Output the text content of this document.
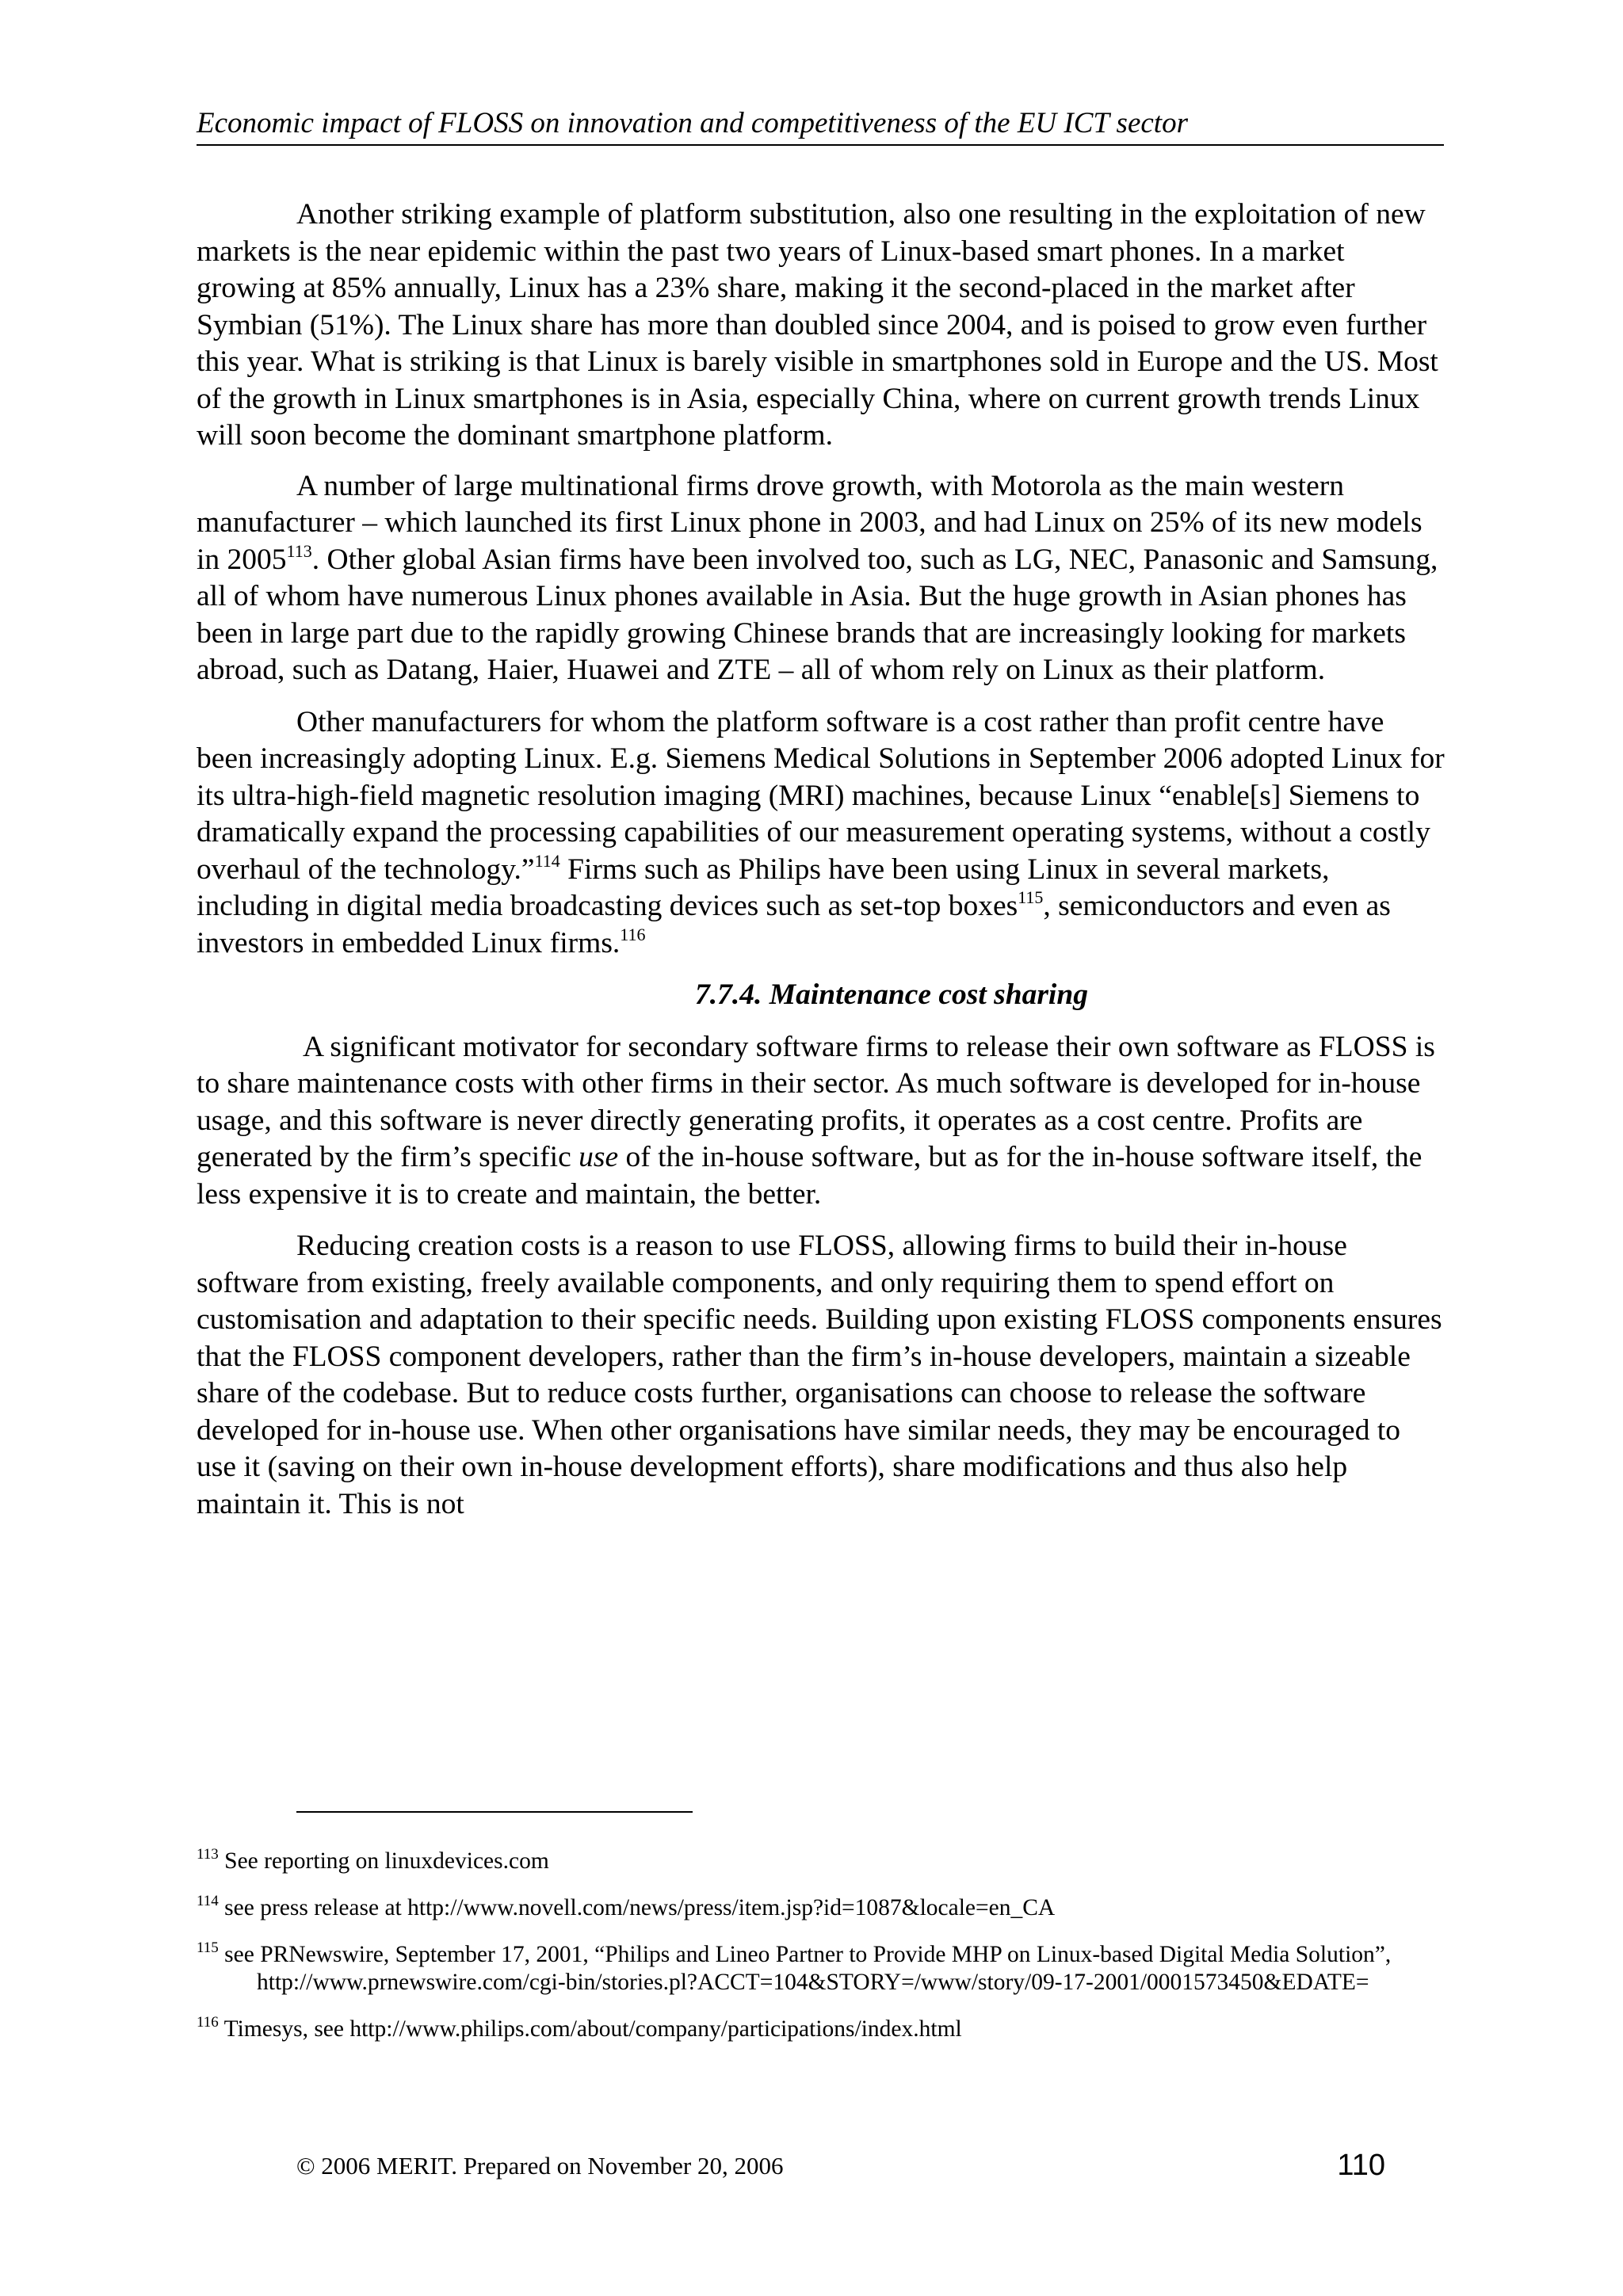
Economic impact of FLOSS on innovation and competitiveness of the EU ICT sector

Another striking example of platform substitution, also one resulting in the exploitation of new markets is the near epidemic within the past two years of Linux-based smart phones. In a market growing at 85% annually, Linux has a 23% share, making it the second-placed in the market after Symbian (51%). The Linux share has more than doubled since 2004, and is poised to grow even further this year. What is striking is that Linux is barely visible in smartphones sold in Europe and the US. Most of the growth in Linux smartphones is in Asia, especially China, where on current growth trends Linux will soon become the dominant smartphone platform.

A number of large multinational firms drove growth, with Motorola as the main western manufacturer – which launched its first Linux phone in 2003, and had Linux on 25% of its new models in 2005$^{113}$. Other global Asian firms have been involved too, such as LG, NEC, Panasonic and Samsung, all of whom have numerous Linux phones available in Asia. But the huge growth in Asian phones has been in large part due to the rapidly growing Chinese brands that are increasingly looking for markets abroad, such as Datang, Haier, Huawei and ZTE – all of whom rely on Linux as their platform.

Other manufacturers for whom the platform software is a cost rather than profit centre have been increasingly adopting Linux. E.g. Siemens Medical Solutions in September 2006 adopted Linux for its ultra-high-field magnetic resolution imaging (MRI) machines, because Linux “enable[s] Siemens to dramatically expand the processing capabilities of our measurement operating systems, without a costly overhaul of the technology.”$^{114}$ Firms such as Philips have been using Linux in several markets, including in digital media broadcasting devices such as set-top boxes$^{115}$, semiconductors and even as investors in embedded Linux firms.$^{116}$

7.7.4. Maintenance cost sharing

A significant motivator for secondary software firms to release their own software as FLOSS is to share maintenance costs with other firms in their sector. As much software is developed for in-house usage, and this software is never directly generating profits, it operates as a cost centre. Profits are generated by the firm’s specific use of the in-house software, but as for the in-house software itself, the less expensive it is to create and maintain, the better.

Reducing creation costs is a reason to use FLOSS, allowing firms to build their in-house software from existing, freely available components, and only requiring them to spend effort on customisation and adaptation to their specific needs. Building upon existing FLOSS components ensures that the FLOSS component developers, rather than the firm’s in-house developers, maintain a sizeable share of the codebase. But to reduce costs further, organisations can choose to release the software developed for in-house use. When other organisations have similar needs, they may be encouraged to use it (saving on their own in-house development efforts), share modifications and thus also help maintain it. This is not

$^{113}$ See reporting on linuxdevices.com
$^{114}$ see press release at http://www.novell.com/news/press/item.jsp?id=1087&locale=en_CA
$^{115}$ see PRNewswire, September 17, 2001, “Philips and Lineo Partner to Provide MHP on Linux-based Digital Media Solution”, http://www.prnewswire.com/cgi-bin/stories.pl?ACCT=104&STORY=/www/story/09-17-2001/0001573450&EDATE=
$^{116}$ Timesys, see http://www.philips.com/about/company/participations/index.html
© 2006 MERIT. Prepared on November 20, 2006	110
